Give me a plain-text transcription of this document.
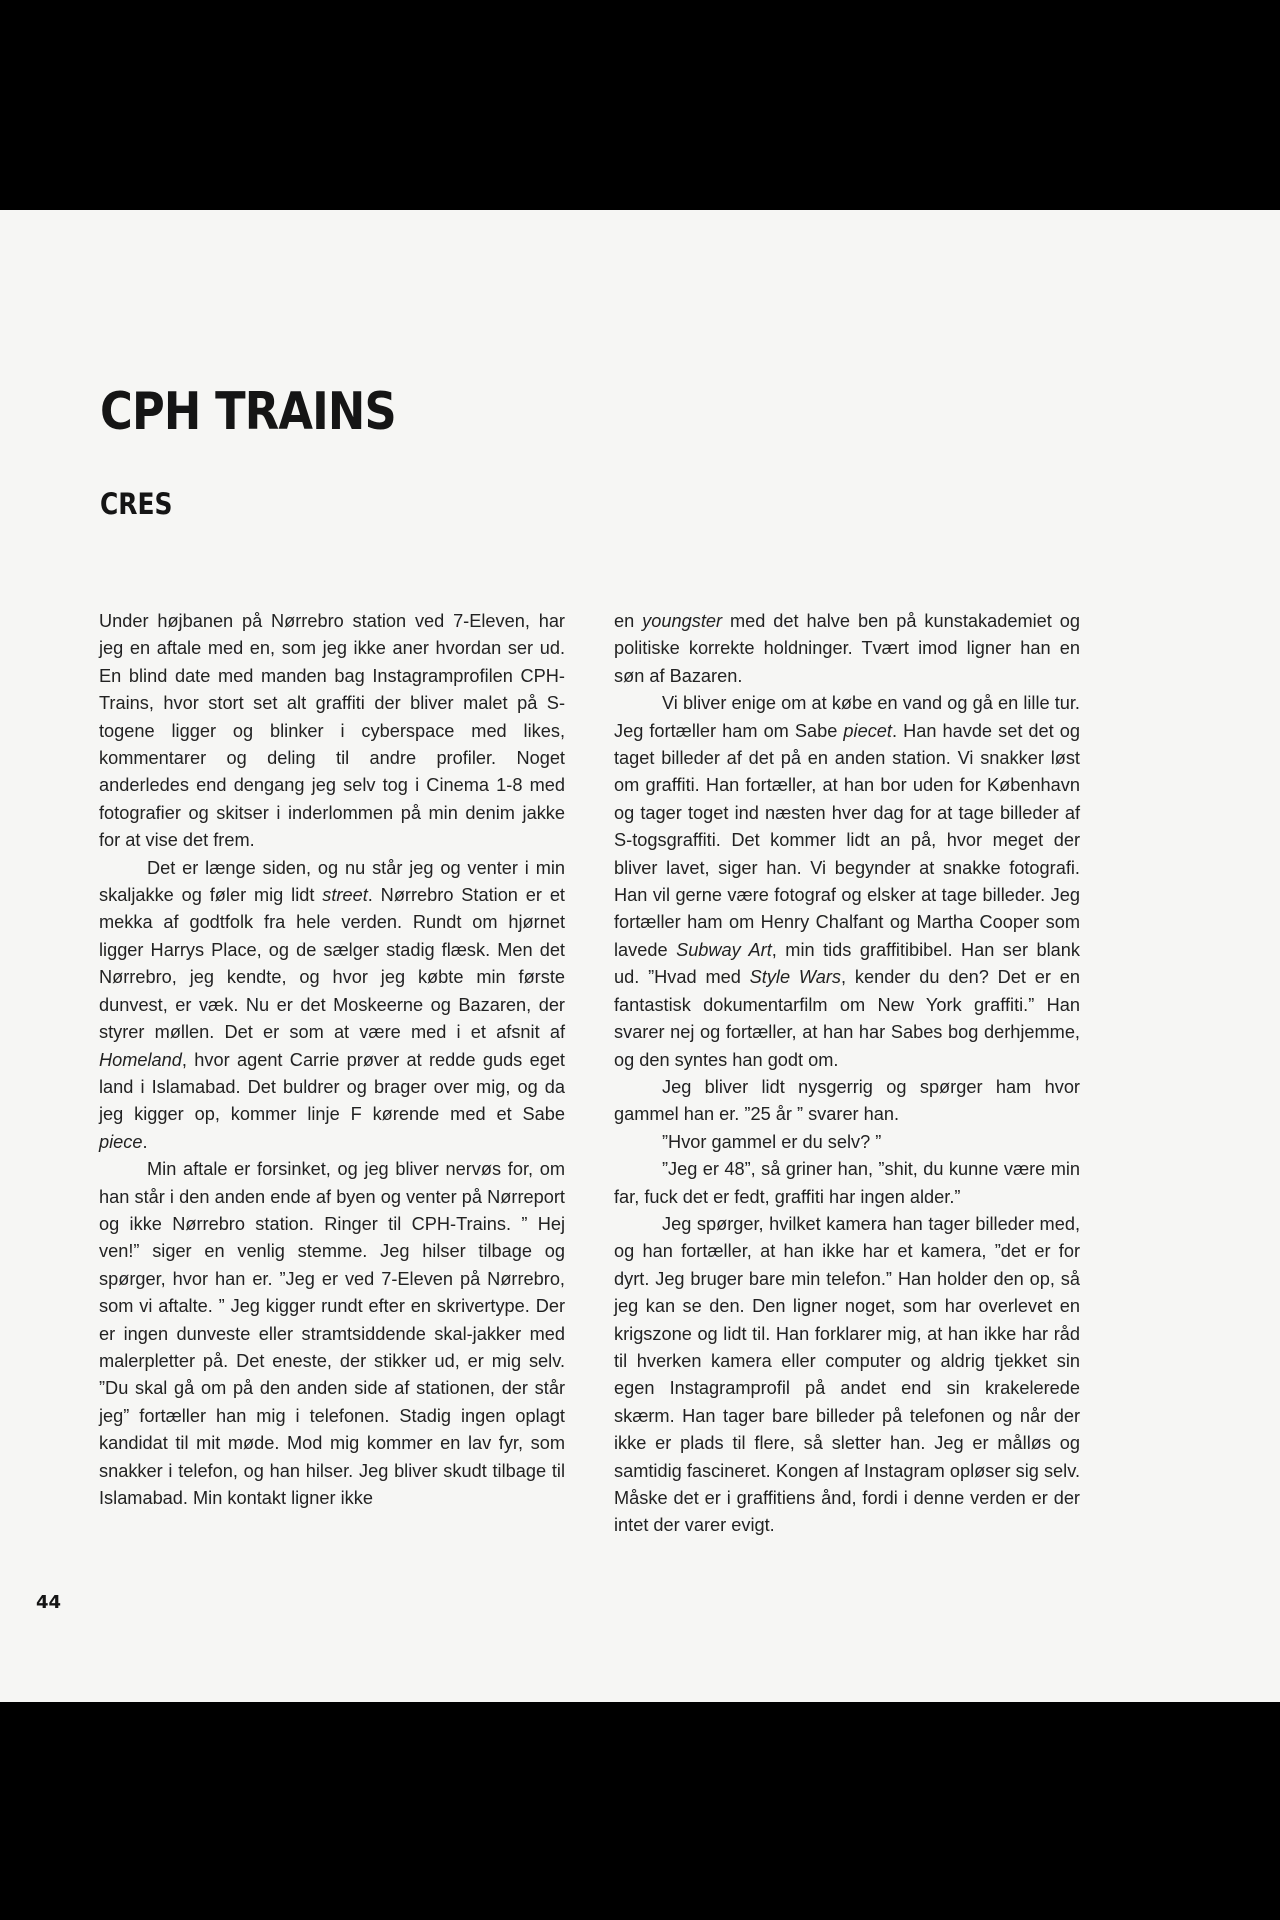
CPH TRAINS
CRES

Under højbanen på Nørrebro station ved 7-Eleven, har jeg en aftale med en, som jeg ikke aner hvordan ser ud. En blind date med manden bag Instagramprofilen CPH-Trains, hvor stort set alt graffiti der bliver malet på S-togene ligger og blinker i cyberspace med likes, kommentarer og deling til andre profiler. Noget anderledes end dengang jeg selv tog i Cinema 1-8 med fotografier og skitser i inderlommen på min denim jakke for at vise det frem.

Det er længe siden, og nu står jeg og venter i min skaljakke og føler mig lidt street. Nørrebro Station er et mekka af godtfolk fra hele verden. Rundt om hjørnet ligger Harrys Place, og de sælger stadig flæsk. Men det Nørrebro, jeg kendte, og hvor jeg købte min første dunvest, er væk. Nu er det Moskeerne og Bazaren, der styrer møllen. Det er som at være med i et afsnit af Homeland, hvor agent Carrie prøver at redde guds eget land i Islamabad. Det buldrer og brager over mig, og da jeg kigger op, kommer linje F kørende med et Sabe piece.

Min aftale er forsinket, og jeg bliver nervøs for, om han står i den anden ende af byen og venter på Nørreport og ikke Nørrebro station. Ringer til CPH-Trains. ” Hej ven!” siger en venlig stemme. Jeg hilser tilbage og spørger, hvor han er. ”Jeg er ved 7-Eleven på Nørrebro, som vi aftalte. ” Jeg kigger rundt efter en skrivertype. Der er ingen dunveste eller stramtsiddende skal-jakker med malerpletter på. Det eneste, der stikker ud, er mig selv. ”Du skal gå om på den anden side af stationen, der står jeg” fortæller han mig i telefonen. Stadig ingen oplagt kandidat til mit møde. Mod mig kommer en lav fyr, som snakker i telefon, og han hilser. Jeg bliver skudt tilbage til Islamabad. Min kontakt ligner ikke

en youngster med det halve ben på kunstakademiet og politiske korrekte holdninger. Tvært imod ligner han en søn af Bazaren.

Vi bliver enige om at købe en vand og gå en lille tur. Jeg fortæller ham om Sabe piecet. Han havde set det og taget billeder af det på en anden station. Vi snakker løst om graffiti. Han fortæller, at han bor uden for København og tager toget ind næsten hver dag for at tage billeder af S-togsgraffiti. Det kommer lidt an på, hvor meget der bliver lavet, siger han. Vi begynder at snakke fotografi. Han vil gerne være fotograf og elsker at tage billeder. Jeg fortæller ham om Henry Chalfant og Martha Cooper som lavede Subway Art, min tids graffitibibel. Han ser blank ud. ”Hvad med Style Wars, kender du den? Det er en fantastisk dokumentarfilm om New York graffiti.” Han svarer nej og fortæller, at han har Sabes bog derhjemme, og den syntes han godt om.

Jeg bliver lidt nysgerrig og spørger ham hvor gammel han er. ”25 år ” svarer han.

”Hvor gammel er du selv? ”

”Jeg er 48”, så griner han, ”shit, du kunne være min far, fuck det er fedt, graffiti har ingen alder.”

Jeg spørger, hvilket kamera han tager billeder med, og han fortæller, at han ikke har et kamera, ”det er for dyrt. Jeg bruger bare min telefon.” Han holder den op, så jeg kan se den. Den ligner noget, som har overlevet en krigszone og lidt til. Han forklarer mig, at han ikke har råd til hverken kamera eller computer og aldrig tjekket sin egen Instagramprofil på andet end sin krakelerede skærm. Han tager bare billeder på telefonen og når der ikke er plads til flere, så sletter han. Jeg er målløs og samtidig fascineret. Kongen af Instagram opløser sig selv. Måske det er i graffitiens ånd, fordi i denne verden er der intet der varer evigt.

44
